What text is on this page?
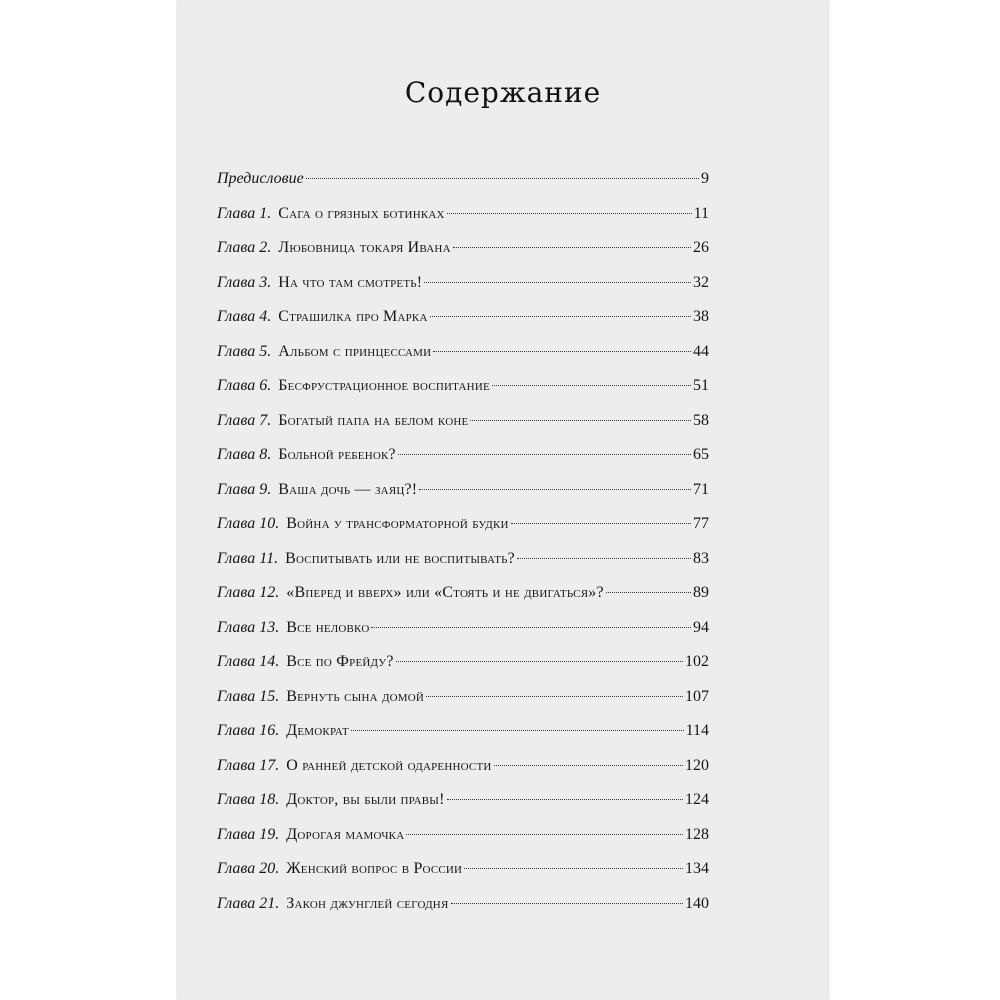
Содержание
Предисловие	9
Глава 1. Сага о грязных ботинках	11
Глава 2. Любовница токаря Ивана	26
Глава 3. На что там смотреть!	32
Глава 4. Страшилка про Марка	38
Глава 5. Альбом с принцессами	44
Глава 6. Бесфрустрационное воспитание	51
Глава 7. Богатый папа на белом коне	58
Глава 8. Больной ребенок?	65
Глава 9. Ваша дочь — заяц?!	71
Глава 10. Война у трансформаторной будки	77
Глава 11. Воспитывать или не воспитывать?	83
Глава 12. «Вперед и вверх» или «Стоять и не двигаться»?	89
Глава 13. Все неловко	94
Глава 14. Все по Фрейду?	102
Глава 15. Вернуть сына домой	107
Глава 16. Демократ	114
Глава 17. О ранней детской одаренности	120
Глава 18. Доктор, вы были правы!	124
Глава 19. Дорогая мамочка	128
Глава 20. Женский вопрос в России	134
Глава 21. Закон джунглей сегодня	140
